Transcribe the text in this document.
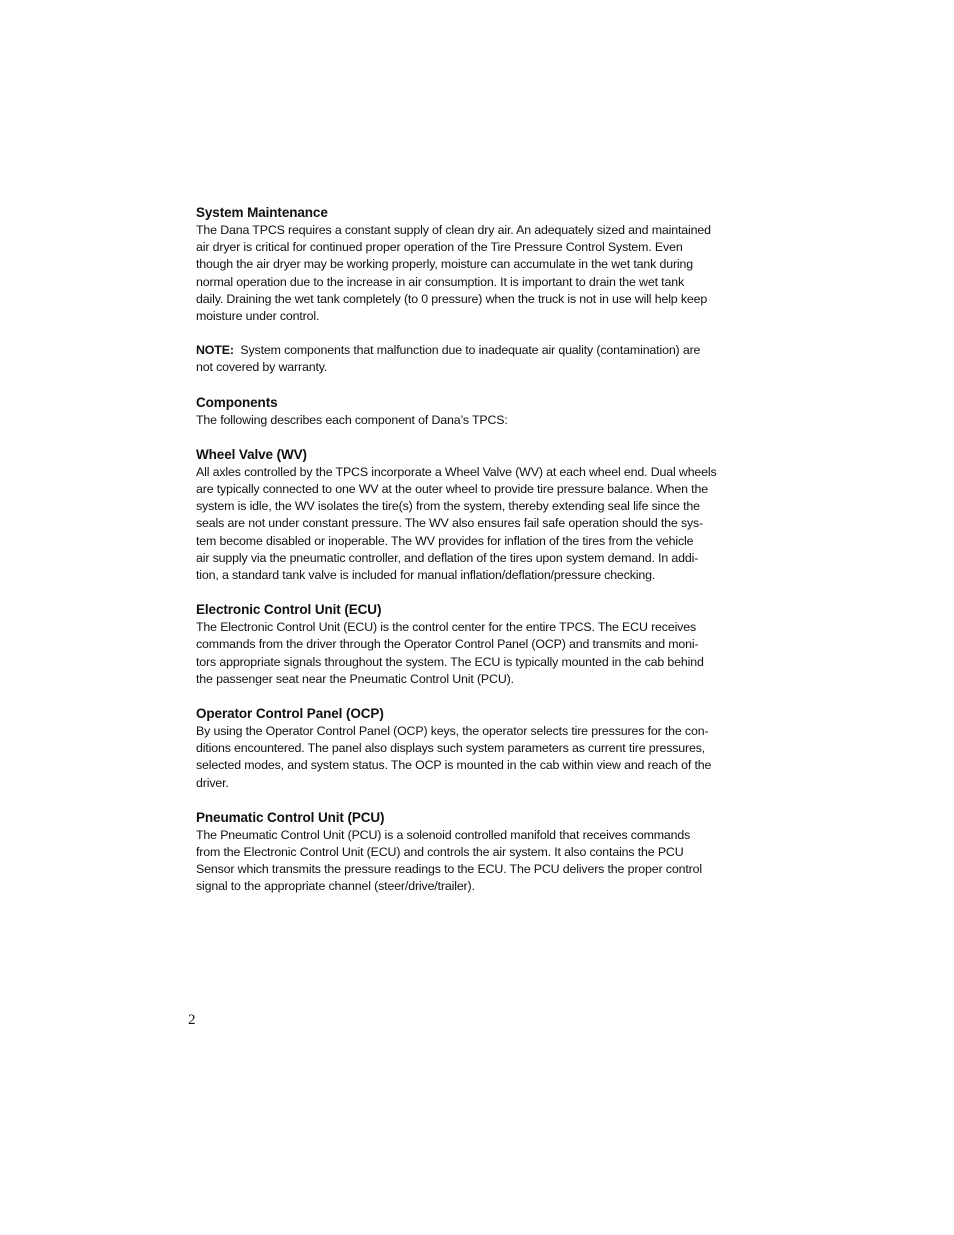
System Maintenance

The Dana TPCS requires a constant supply of clean dry air. An adequately sized and maintained
air dryer is critical for continued proper operation of the Tire Pressure Control System. Even
though the air dryer may be working properly, moisture can accumulate in the wet tank during
normal operation due to the increase in air consumption. It is important to drain the wet tank
daily. Draining the wet tank completely (to 0 pressure) when the truck is not in use will help keep
moisture under control.

NOTE: System components that malfunction due to inadequate air quality (contamination) are
not covered by warranty.

Components

The following describes each component of Dana’s TPCS:

Wheel Valve (WV)

All axles controlled by the TPCS incorporate a Wheel Valve (WV) at each wheel end. Dual wheels
are typically connected to one WV at the outer wheel to provide tire pressure balance. When the
system is idle, the WV isolates the tire(s) from the system, thereby extending seal life since the
seals are not under constant pressure. The WV also ensures fail safe operation should the sys-
tem become disabled or inoperable. The WV provides for inflation of the tires from the vehicle
air supply via the pneumatic controller, and deflation of the tires upon system demand. In addi-
tion, a standard tank valve is included for manual inflation/deflation/pressure checking.

Electronic Control Unit (ECU)

The Electronic Control Unit (ECU) is the control center for the entire TPCS. The ECU receives
commands from the driver through the Operator Control Panel (OCP) and transmits and moni-
tors appropriate signals throughout the system. The ECU is typically mounted in the cab behind
the passenger seat near the Pneumatic Control Unit (PCU).

Operator Control Panel (OCP)

By using the Operator Control Panel (OCP) keys, the operator selects tire pressures for the con-
ditions encountered. The panel also displays such system parameters as current tire pressures,
selected modes, and system status. The OCP is mounted in the cab within view and reach of the
driver.

Pneumatic Control Unit (PCU)

The Pneumatic Control Unit (PCU) is a solenoid controlled manifold that receives commands
from the Electronic Control Unit (ECU) and controls the air system. It also contains the PCU
Sensor which transmits the pressure readings to the ECU. The PCU delivers the proper control
signal to the appropriate channel (steer/drive/trailer).

2
